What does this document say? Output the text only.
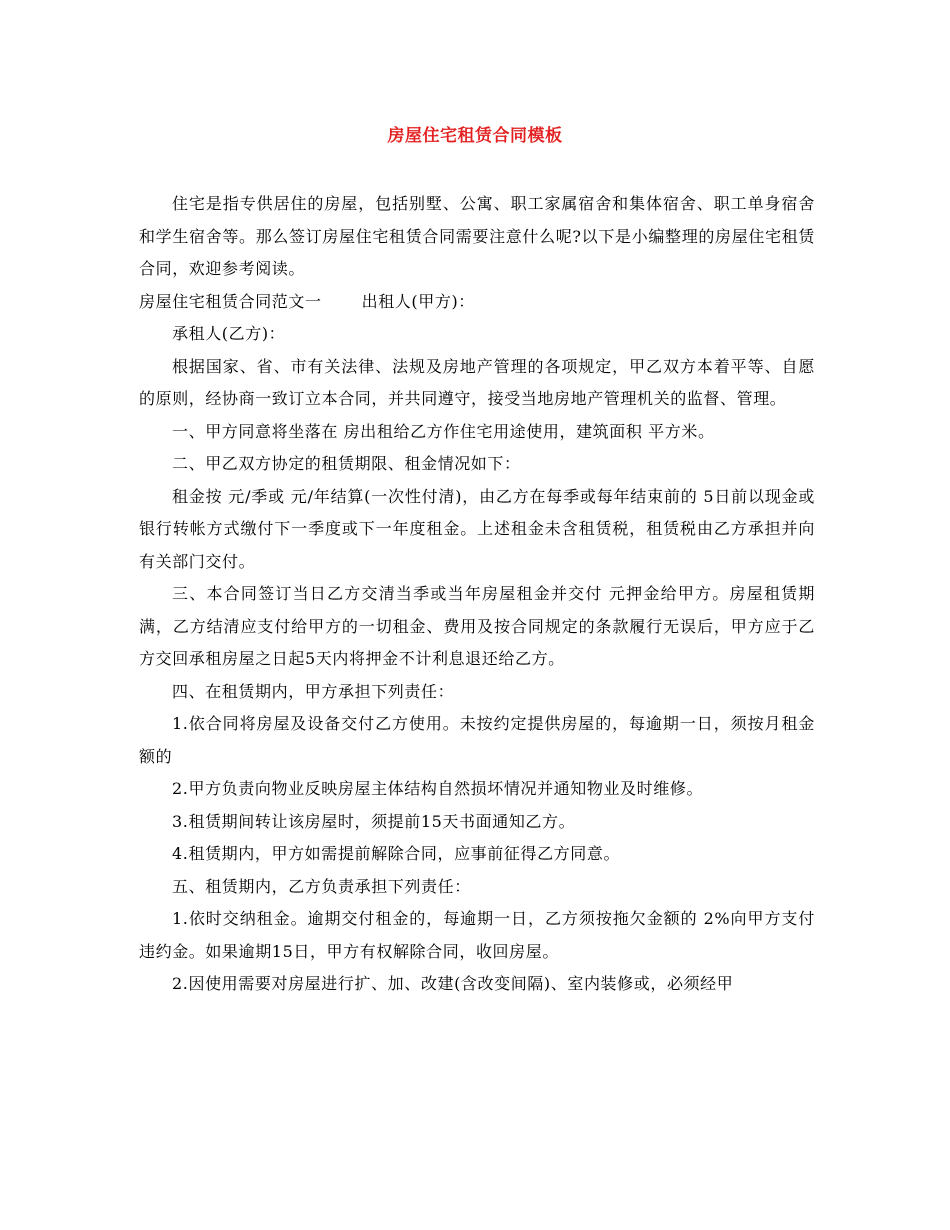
房屋住宅租赁合同模板

住宅是指专供居住的房屋，包括别墅、公寓、职工家属宿舍和集体宿舍、职工单身宿舍和学生宿舍等。那么签订房屋住宅租赁合同需要注意什么呢?以下是小编整理的房屋住宅租赁合同，欢迎参考阅读。

房屋住宅租赁合同范文一	出租人(甲方)：

承租人(乙方)：

根据国家、省、市有关法律、法规及房地产管理的各项规定，甲乙双方本着平等、自愿的原则，经协商一致订立本合同，并共同遵守，接受当地房地产管理机关的监督、管理。

一、甲方同意将坐落在 房出租给乙方作住宅用途使用，建筑面积 平方米。

二、甲乙双方协定的租赁期限、租金情况如下：

租金按 元/季或 元/年结算(一次性付清)，由乙方在每季或每年结束前的 5日前以现金或银行转帐方式缴付下一季度或下一年度租金。上述租金未含租赁税，租赁税由乙方承担并向有关部门交付。

三、本合同签订当日乙方交清当季或当年房屋租金并交付 元押金给甲方。房屋租赁期满，乙方结清应支付给甲方的一切租金、费用及按合同规定的条款履行无误后，甲方应于乙方交回承租房屋之日起5天内将押金不计利息退还给乙方。

四、在租赁期内，甲方承担下列责任：

1.依合同将房屋及设备交付乙方使用。未按约定提供房屋的，每逾期一日，须按月租金额的

2.甲方负责向物业反映房屋主体结构自然损坏情况并通知物业及时维修。

3.租赁期间转让该房屋时，须提前15天书面通知乙方。

4.租赁期内，甲方如需提前解除合同，应事前征得乙方同意。

五、租赁期内，乙方负责承担下列责任：

1.依时交纳租金。逾期交付租金的，每逾期一日，乙方须按拖欠金额的 2%向甲方支付违约金。如果逾期15日，甲方有权解除合同，收回房屋。

2.因使用需要对房屋进行扩、加、改建(含改变间隔)、室内装修或，必须经甲
